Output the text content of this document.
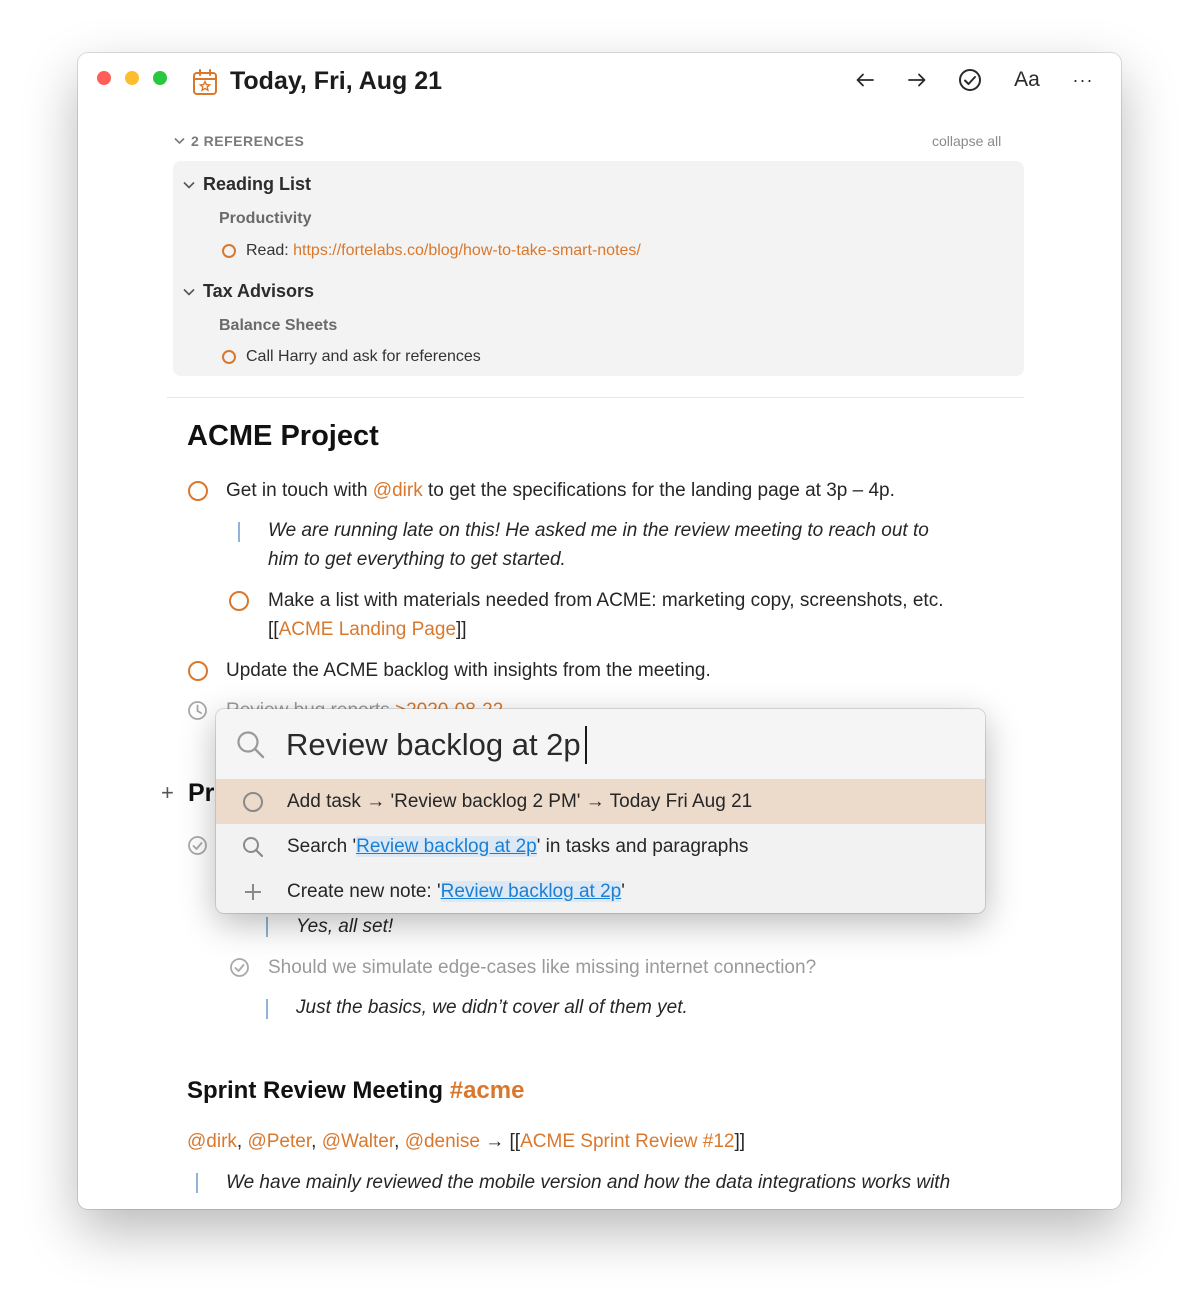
Today, Fri, Aug 21	Aa ···
2 REFERENCES	collapse all
Reading List
Productivity
Read: https://fortelabs.co/blog/how-to-take-smart-notes/
Tax Advisors
Balance Sheets
Call Harry and ask for references
ACME Project
Get in touch with @dirk to get the specifications for the landing page at 3p – 4p.
We are running late on this! He asked me in the review meeting to reach out to
him to get everything to get started.
Make a list with materials needed from ACME: marketing copy, screenshots, etc.
[[ACME Landing Page]]
Update the ACME backlog with insights from the meeting.
+ Pr
Yes, all set!
Should we simulate edge-cases like missing internet connection?
Just the basics, we didn’t cover all of them yet.
Sprint Review Meeting #acme
@dirk, @Peter, @Walter, @denise → [[ACME Sprint Review #12]]
We have mainly reviewed the mobile version and how the data integrations works with
Review backlog at 2p
Add task → 'Review backlog 2 PM' → Today Fri Aug 21
Search 'Review backlog at 2p' in tasks and paragraphs
Create new note: 'Review backlog at 2p'
